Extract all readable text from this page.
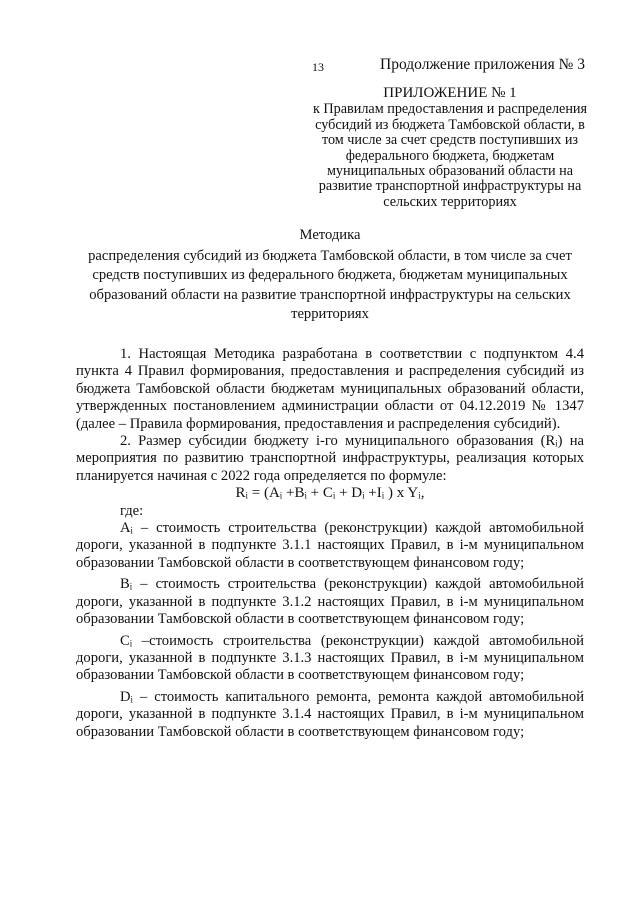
13	Продолжение приложения № 3
ПРИЛОЖЕНИЕ № 1
к Правилам предоставления и распределения
субсидий из бюджета Тамбовской области, в
том числе за счет средств поступивших из
федерального бюджета, бюджетам
муниципальных образований области на
развитие транспортной инфраструктуры на
сельских территориях
Методика
распределения субсидий из бюджета Тамбовской области, в том числе за счет средств поступивших из федерального бюджета, бюджетам муниципальных образований области на развитие транспортной инфраструктуры на сельских территориях

1. Настоящая Методика разработана в соответствии с подпунктом 4.4 пункта 4 Правил формирования, предоставления и распределения субсидий из бюджета Тамбовской области бюджетам муниципальных образований области, утвержденных постановлением администрации области от 04.12.2019 № 1347 (далее – Правила формирования, предоставления и распределения субсидий).

2. Размер субсидии бюджету i-го муниципального образования (Rᵢ) на мероприятия по развитию транспортной инфраструктуры, реализация которых планируется начиная с 2022 года определяется по формуле:

Rᵢ = (Aᵢ +Bᵢ + Cᵢ + Dᵢ +Iᵢ ) x Yᵢ,

где:

Aᵢ – стоимость строительства (реконструкции) каждой автомобильной дороги, указанной в подпункте 3.1.1 настоящих Правил, в i-м муниципальном образовании Тамбовской области в соответствующем финансовом году;

Bᵢ – стоимость строительства (реконструкции) каждой автомобильной дороги, указанной в подпункте 3.1.2 настоящих Правил, в i-м муниципальном образовании Тамбовской области в соответствующем финансовом году;

Cᵢ –стоимость строительства (реконструкции) каждой автомобильной дороги, указанной в подпункте 3.1.3 настоящих Правил, в i-м муниципальном образовании Тамбовской области в соответствующем финансовом году;

Dᵢ – стоимость капитального ремонта, ремонта каждой автомобильной дороги, указанной в подпункте 3.1.4 настоящих Правил, в i-м муниципальном образовании Тамбовской области в соответствующем финансовом году;
